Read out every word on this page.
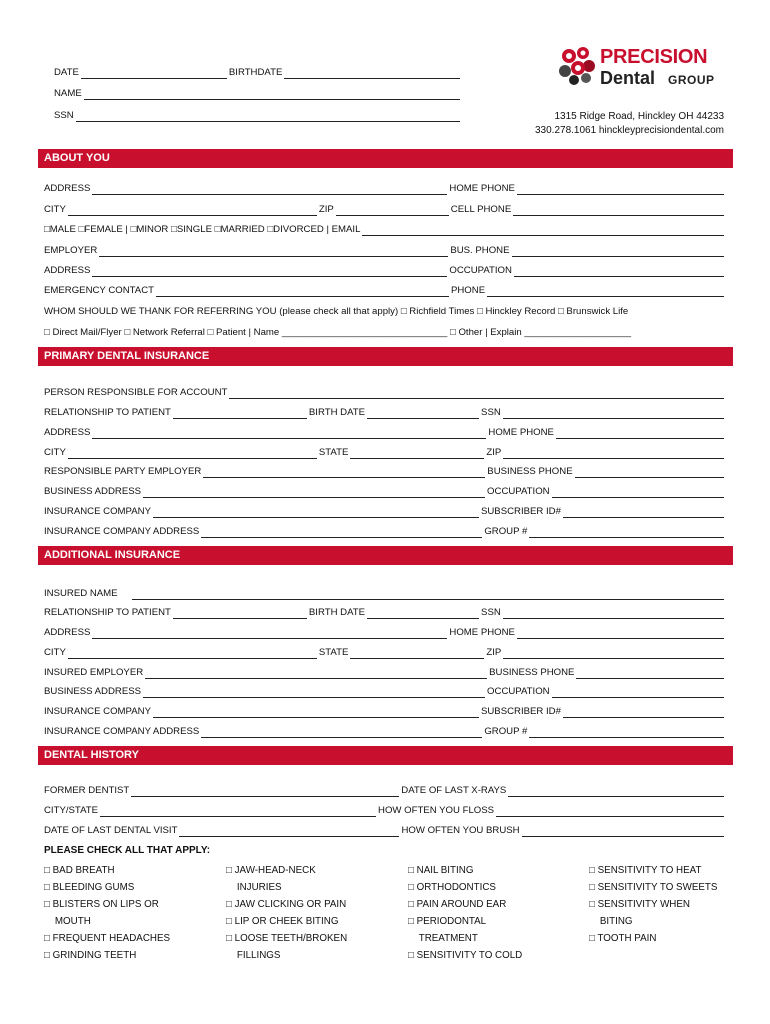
DATE	BIRTHDATE
NAME
SSN
PRECISION
Dental GROUP
1315 Ridge Road, Hinckley OH 44233
330.278.1061 hinckleyprecisiondental.com
ABOUT YOU
ADDRESS	HOME PHONE
CITY	ZIP	CELL PHONE
□MALE □FEMALE | □MINOR □SINGLE □MARRIED □DIVORCED | EMAIL
EMPLOYER	BUS. PHONE
ADDRESS	OCCUPATION
EMERGENCY CONTACT	PHONE
WHOM SHOULD WE THANK FOR REFERRING YOU (please check all that apply) □ Richfield Times □ Hinckley Record □ Brunswick Life
□ Direct Mail/Flyer □ Network Referral □ Patient | Name _______________________________ □ Other | Explain ____________________
PRIMARY DENTAL INSURANCE
PERSON RESPONSIBLE FOR ACCOUNT
RELATIONSHIP TO PATIENT	BIRTH DATE	SSN
ADDRESS	HOME PHONE
CITY	STATE	ZIP
RESPONSIBLE PARTY EMPLOYER	BUSINESS PHONE
BUSINESS ADDRESS	OCCUPATION
INSURANCE COMPANY	SUBSCRIBER ID#
INSURANCE COMPANY ADDRESS	GROUP #
ADDITIONAL INSURANCE
INSURED NAME
RELATIONSHIP TO PATIENT	BIRTH DATE	SSN
ADDRESS	HOME PHONE
CITY	STATE	ZIP
INSURED EMPLOYER	BUSINESS PHONE
BUSINESS ADDRESS	OCCUPATION
INSURANCE COMPANY	SUBSCRIBER ID#
INSURANCE COMPANY ADDRESS	GROUP #
DENTAL HISTORY
FORMER DENTIST	DATE OF LAST X-RAYS
CITY/STATE	HOW OFTEN YOU FLOSS
DATE OF LAST DENTAL VISIT	HOW OFTEN YOU BRUSH
PLEASE CHECK ALL THAT APPLY:
□ BAD BREATH
□ BLEEDING GUMS
□ BLISTERS ON LIPS OR
MOUTH
□ FREQUENT HEADACHES
□ GRINDING TEETH
□ JAW-HEAD-NECK
INJURIES
□ JAW CLICKING OR PAIN
□ LIP OR CHEEK BITING
□ LOOSE TEETH/BROKEN
FILLINGS
□ NAIL BITING
□ ORTHODONTICS
□ PAIN AROUND EAR
□ PERIODONTAL
TREATMENT
□ SENSITIVITY TO COLD
□ SENSITIVITY TO HEAT
□ SENSITIVITY TO SWEETS
□ SENSITIVITY WHEN
BITING
□ TOOTH PAIN
